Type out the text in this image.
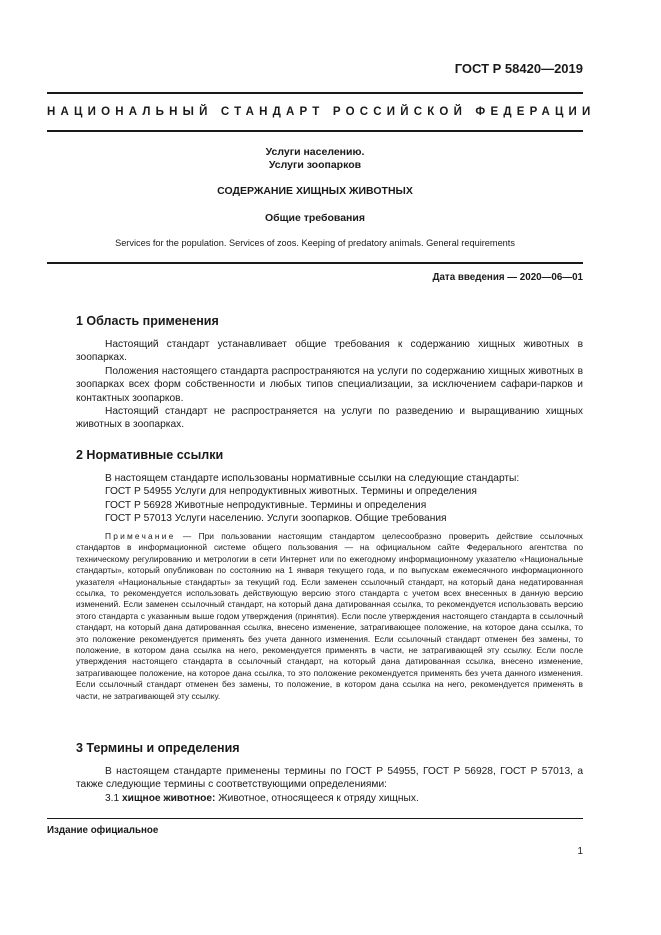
ГОСТ Р 58420—2019
НАЦИОНАЛЬНЫЙ СТАНДАРТ РОССИЙСКОЙ ФЕДЕРАЦИИ
Услуги населению.
Услуги зоопарков
СОДЕРЖАНИЕ ХИЩНЫХ ЖИВОТНЫХ
Общие требования
Services for the population. Services of zoos. Keeping of predatory animals. General requirements
Дата введения — 2020—06—01
1 Область применения

Настоящий стандарт устанавливает общие требования к содержанию хищных животных в зоопарках.

Положения настоящего стандарта распространяются на услуги по содержанию хищных животных в зоопарках всех форм собственности и любых типов специализации, за исключением сафари-парков и контактных зоопарков.

Настоящий стандарт не распространяется на услуги по разведению и выращиванию хищных животных в зоопарках.

2 Нормативные ссылки

В настоящем стандарте использованы нормативные ссылки на следующие стандарты:

ГОСТ Р 54955 Услуги для непродуктивных животных. Термины и определения

ГОСТ Р 56928 Животные непродуктивные. Термины и определения

ГОСТ Р 57013 Услуги населению. Услуги зоопарков. Общие требования

Примечание — При пользовании настоящим стандартом целесообразно проверить действие ссылочных стандартов в информационной системе общего пользования — на официальном сайте Федерального агентства по техническому регулированию и метрологии в сети Интернет или по ежегодному информационному указателю «Национальные стандарты», который опубликован по состоянию на 1 января текущего года, и по выпускам ежемесячного информационного указателя «Национальные стандарты» за текущий год. Если заменен ссылочный стандарт, на который дана недатированная ссылка, то рекомендуется использовать действующую версию этого стандарта с учетом всех внесенных в данную версию изменений. Если заменен ссылочный стандарт, на который дана датированная ссылка, то рекомендуется использовать версию этого стандарта с указанным выше годом утверждения (принятия). Если после утверждения настоящего стандарта в ссылочный стандарт, на который дана датированная ссылка, внесено изменение, затрагивающее положение, на которое дана ссылка, то это положение рекомендуется применять без учета данного изменения. Если ссылочный стандарт отменен без замены, то положение, в котором дана ссылка на него, рекомендуется применять в части, не затрагивающей эту ссылку. Если после утверждения настоящего стандарта в ссылочный стандарт, на который дана датированная ссылка, внесено изменение, затрагивающее положение, на которое дана ссылка, то это положение рекомендуется применять без учета данного изменения. Если ссылочный стандарт отменен без замены, то положение, в котором дана ссылка на него, рекомендуется применять в части, не затрагивающей эту ссылку.
3 Термины и определения

В настоящем стандарте применены термины по ГОСТ Р 54955, ГОСТ Р 56928, ГОСТ Р 57013, а также следующие термины с соответствующими определениями:

3.1 хищное животное: Животное, относящееся к отряду хищных.

Издание официальное
1
